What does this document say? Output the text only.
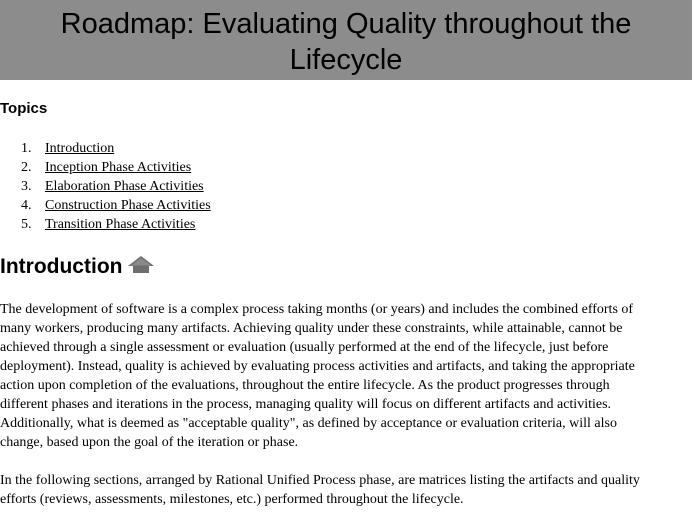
Roadmap: Evaluating Quality throughout the
Lifecycle
Topics
1. Introduction
2. Inception Phase Activities
3. Elaboration Phase Activities
4. Construction Phase Activities
5. Transition Phase Activities
Introduction
The development of software is a complex process taking months (or years) and includes the combined efforts of
many workers, producing many artifacts. Achieving quality under these constraints, while attainable, cannot be
achieved through a single assessment or evaluation (usually performed at the end of the lifecycle, just before
deployment). Instead, quality is achieved by evaluating process activities and artifacts, and taking the appropriate
action upon completion of the evaluations, throughout the entire lifecycle. As the product progresses through
different phases and iterations in the process, managing quality will focus on different artifacts and activities.
Additionally, what is deemed as "acceptable quality", as defined by acceptance or evaluation criteria, will also
change, based upon the goal of the iteration or phase.
In the following sections, arranged by Rational Unified Process phase, are matrices listing the artifacts and quality
efforts (reviews, assessments, milestones, etc.) performed throughout the lifecycle.
